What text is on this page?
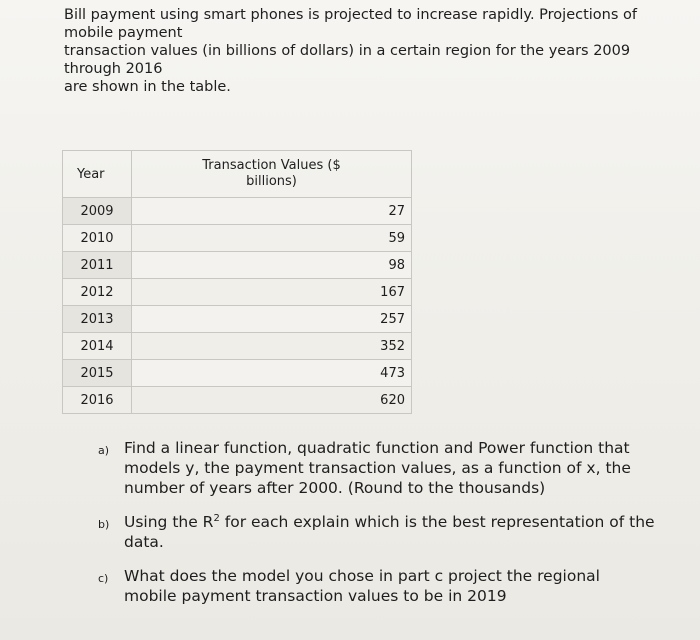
Bill payment using smart phones is projected to increase rapidly. Projections of
mobile payment
transaction values (in billions of dollars) in a certain region for the years 2009
through 2016
are shown in the table.

Year	Transaction Values ($
billions)
2009	27
2010	59
2011	98
2012	167
2013	257
2014	352
2015	473
2016	620
a) Find a linear function, quadratic function and Power function that
models y, the payment transaction values, as a function of x, the
number of years after 2000. (Round to the thousands)
b) Using the $R^2$ for each explain which is the best representation of the
data.
c) What does the model you chose in part c project the regional
mobile payment transaction values to be in 2019
